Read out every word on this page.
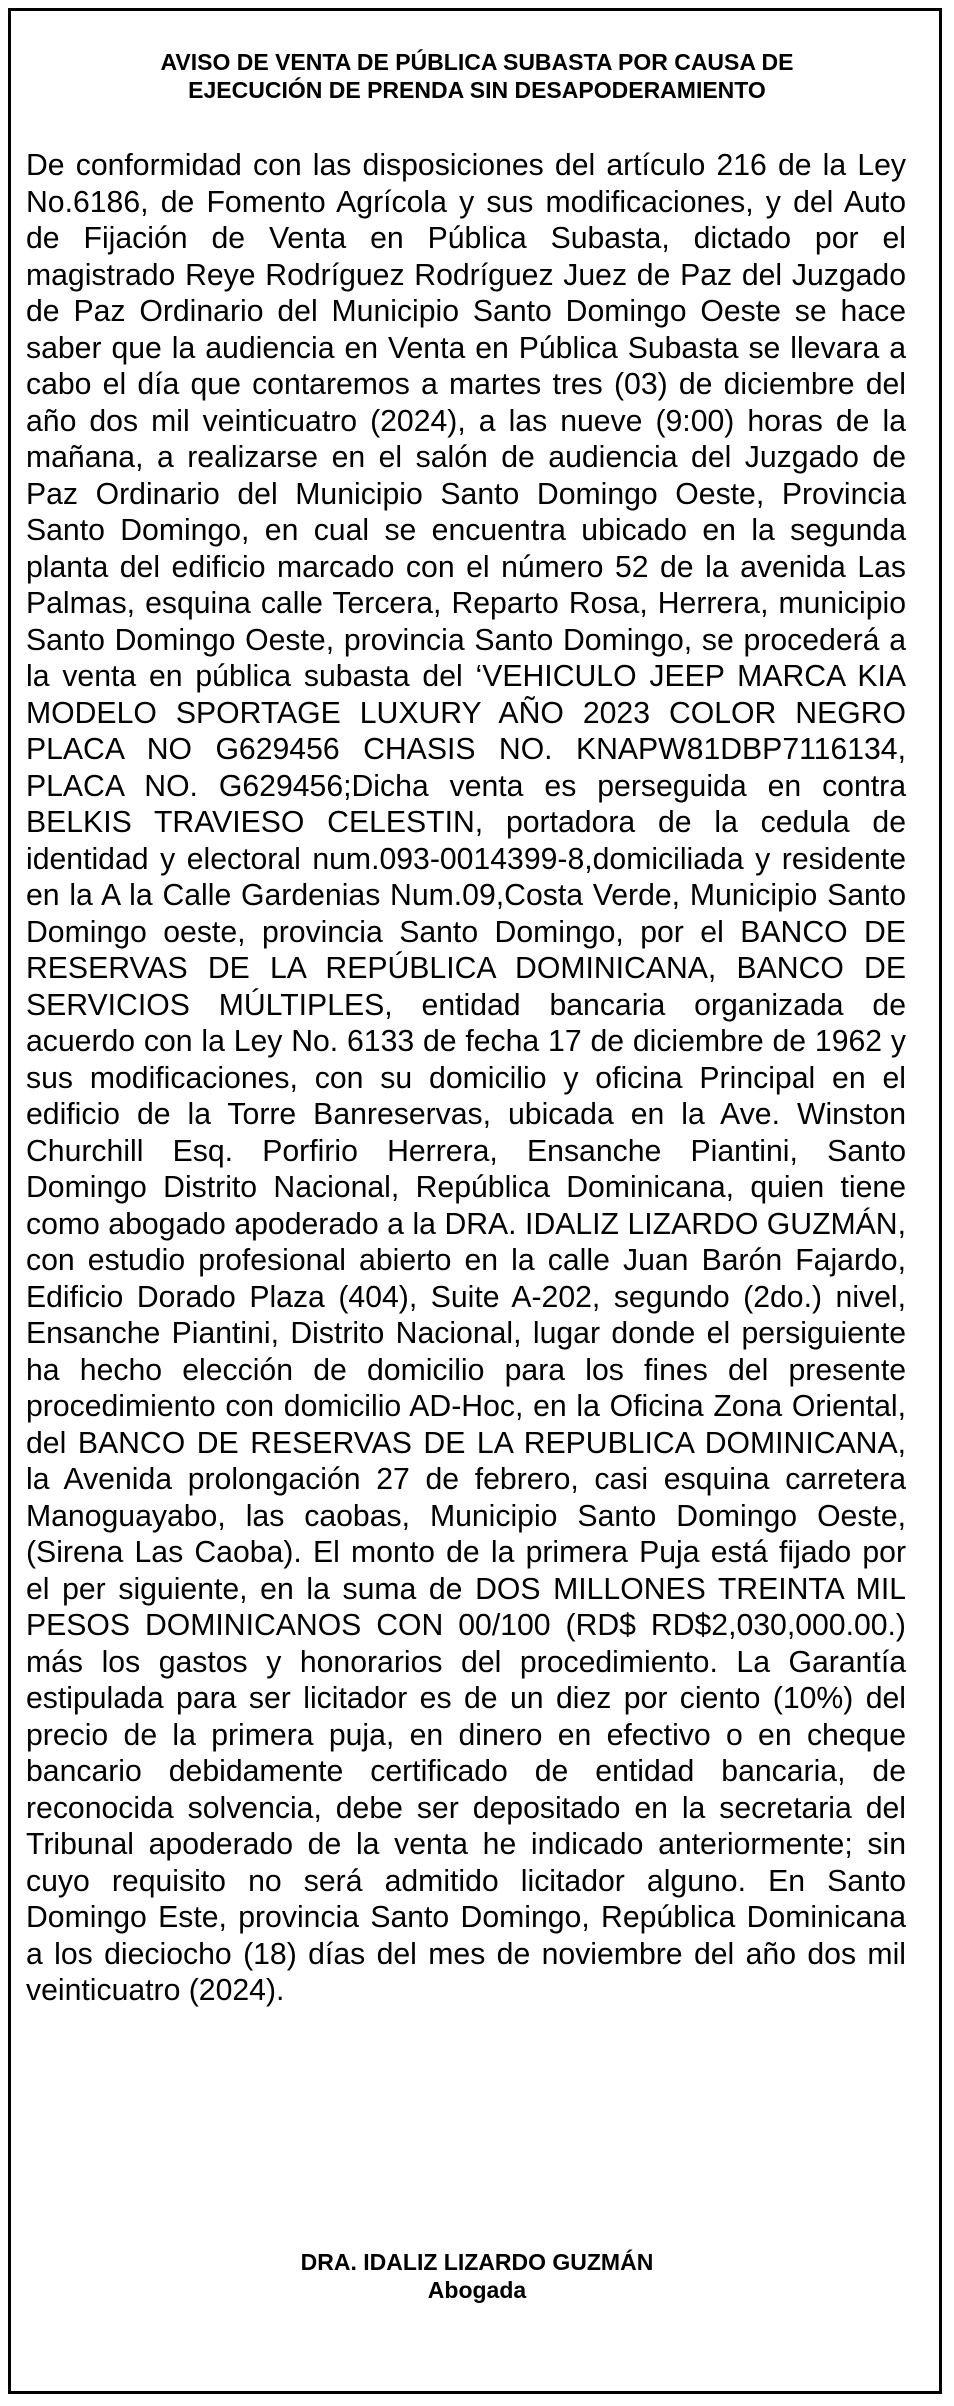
AVISO DE VENTA DE PÚBLICA SUBASTA POR CAUSA DE
EJECUCIÓN DE PRENDA SIN DESAPODERAMIENTO

De conformidad con las disposiciones del artículo 216 de la Ley No.6186, de Fomento Agrícola y sus modificaciones, y del Auto de Fijación de Venta en Pública Subasta, dictado por el magistrado Reye Rodríguez Rodríguez Juez de Paz del Juzgado de Paz Ordinario del Municipio Santo Domingo Oeste se hace saber que la audiencia en Venta en Pública Subasta se llevara a cabo el día que contaremos a martes tres (03) de diciembre del año dos mil veinticuatro (2024), a las nueve (9:00) horas de la mañana, a realizarse en el salón de audiencia del Juzgado de Paz Ordinario del Municipio Santo Domingo Oeste, Provincia Santo Domingo, en cual se encuentra ubicado en la segunda planta del edificio marcado con el número 52 de la avenida Las Palmas, esquina calle Tercera, Reparto Rosa, Herrera, municipio Santo Domingo Oeste, provincia Santo Domingo, se procederá a la venta en pública subasta del ‘VEHICULO JEEP MARCA KIA MODELO SPORTAGE LUXURY AÑO 2023 COLOR NEGRO PLACA NO G629456 CHASIS NO. KNAPW81DBP7116134, PLACA NO. G629456;Dicha venta es perseguida en contra BELKIS TRAVIESO CELESTIN, portadora de la cedula de identidad y electoral num.093-0014399-8,domiciliada y residente en la A la Calle Gardenias Num.09,Costa Verde, Municipio Santo Domingo oeste, provincia Santo Domingo, por el BANCO DE RESERVAS DE LA REPÚBLICA DOMINICANA, BANCO DE SERVICIOS MÚLTIPLES, entidad bancaria organizada de acuerdo con la Ley No. 6133 de fecha 17 de diciembre de 1962 y sus modificaciones, con su domicilio y oficina Principal en el edificio de la Torre Banreservas, ubicada en la Ave. Winston Churchill Esq. Porfirio Herrera, Ensanche Piantini, Santo Domingo Distrito Nacional, República Dominicana, quien tiene como abogado apoderado a la DRA. IDALIZ LIZARDO GUZMÁN, con estudio profesional abierto en la calle Juan Barón Fajardo, Edificio Dorado Plaza (404), Suite A-202, segundo (2do.) nivel, Ensanche Piantini, Distrito Nacional, lugar donde el persiguiente ha hecho elección de domicilio para los fines del presente procedimiento con domicilio AD-Hoc, en la Oficina Zona Oriental, del BANCO DE RESERVAS DE LA REPUBLICA DOMINICANA, la Avenida prolongación 27 de febrero, casi esquina carretera Manoguayabo, las caobas, Municipio Santo Domingo Oeste, (Sirena Las Caoba). El monto de la primera Puja está fijado por el per siguiente, en la suma de DOS MILLONES TREINTA MIL PESOS DOMINICANOS CON 00/100 (RD$ RD$2,030,000.00.) más los gastos y honorarios del procedimiento. La Garantía estipulada para ser licitador es de un diez por ciento (10%) del precio de la primera puja, en dinero en efectivo o en cheque bancario debidamente certificado de entidad bancaria, de reconocida solvencia, debe ser depositado en la secretaria del Tribunal apoderado de la venta he indicado anteriormente; sin cuyo requisito no será admitido licitador alguno. En Santo Domingo Este, provincia Santo Domingo, República Dominicana a los dieciocho (18) días del mes de noviembre del año dos mil veinticuatro (2024).

DRA. IDALIZ LIZARDO GUZMÁN
Abogada
